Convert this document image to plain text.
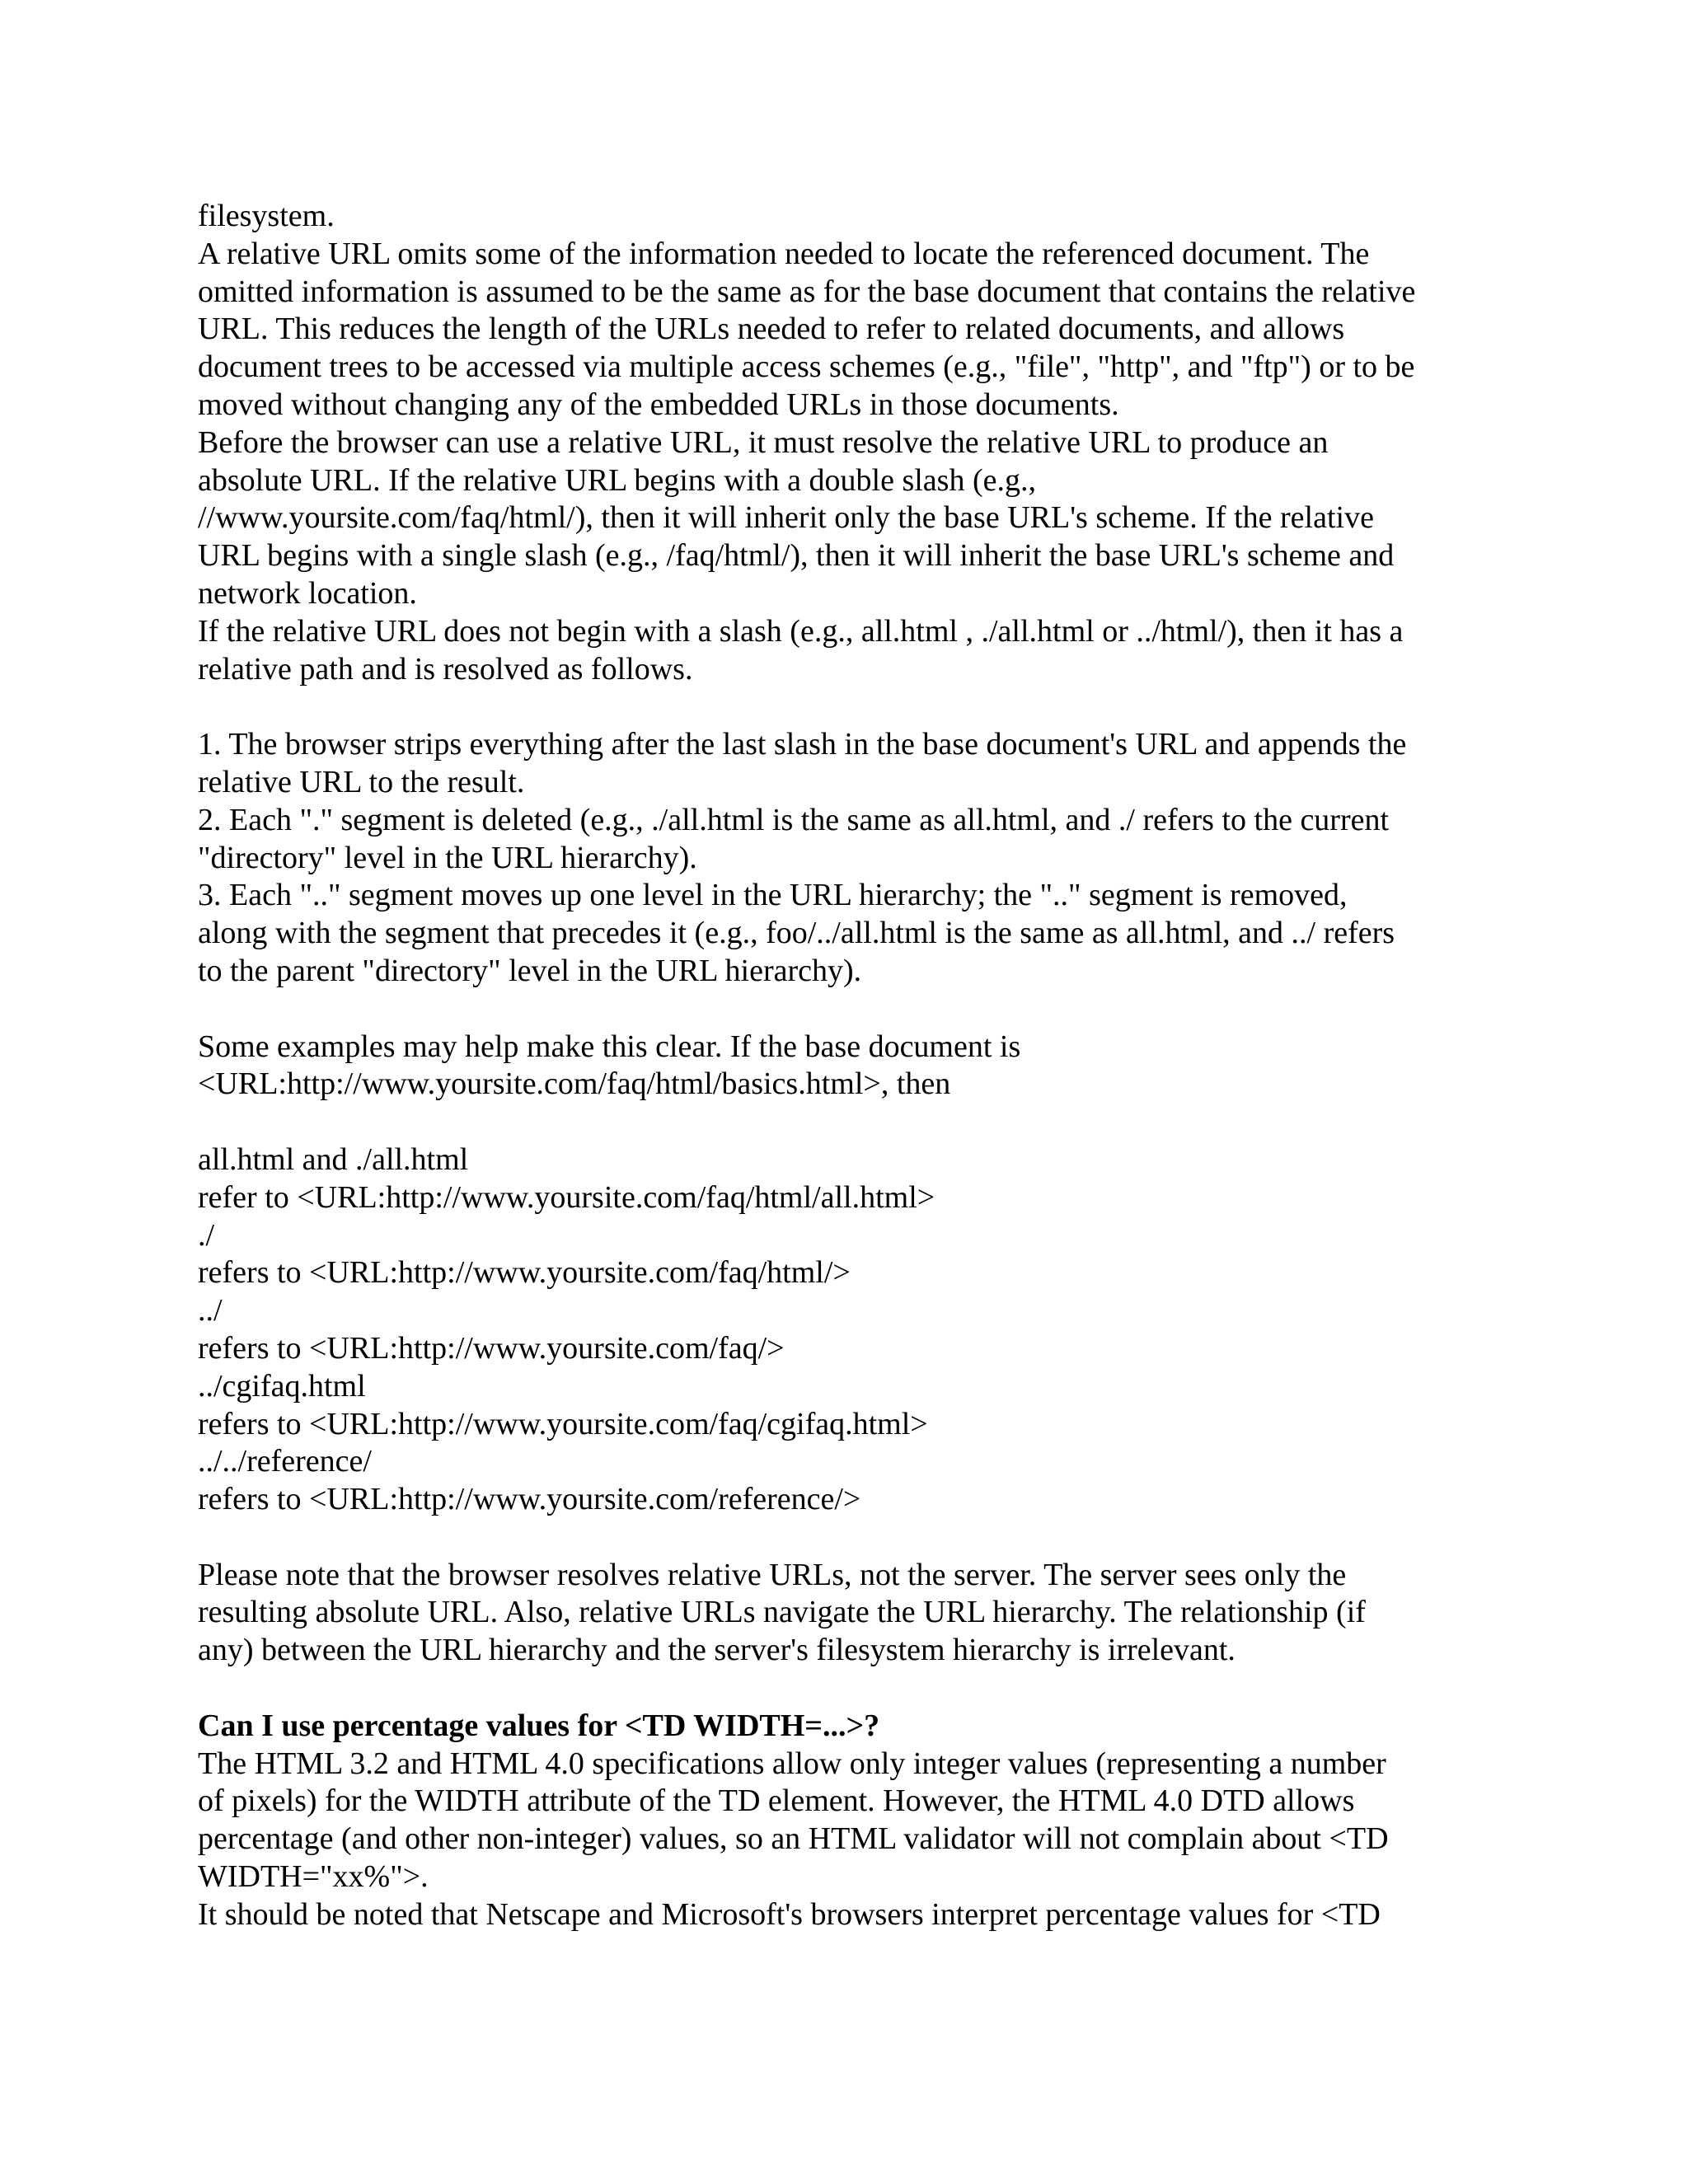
filesystem.
A relative URL omits some of the information needed to locate the referenced document. The
omitted information is assumed to be the same as for the base document that contains the relative
URL. This reduces the length of the URLs needed to refer to related documents, and allows
document trees to be accessed via multiple access schemes (e.g., "file", "http", and "ftp") or to be
moved without changing any of the embedded URLs in those documents.
Before the browser can use a relative URL, it must resolve the relative URL to produce an
absolute URL. If the relative URL begins with a double slash (e.g.,
//www.yoursite.com/faq/html/), then it will inherit only the base URL's scheme. If the relative
URL begins with a single slash (e.g., /faq/html/), then it will inherit the base URL's scheme and
network location.
If the relative URL does not begin with a slash (e.g., all.html , ./all.html or ../html/), then it has a
relative path and is resolved as follows.

1. The browser strips everything after the last slash in the base document's URL and appends the
relative URL to the result.
2. Each "." segment is deleted (e.g., ./all.html is the same as all.html, and ./ refers to the current
"directory" level in the URL hierarchy).
3. Each ".." segment moves up one level in the URL hierarchy; the ".." segment is removed,
along with the segment that precedes it (e.g., foo/../all.html is the same as all.html, and ../ refers
to the parent "directory" level in the URL hierarchy).

Some examples may help make this clear. If the base document is
<URL:http://www.yoursite.com/faq/html/basics.html>, then

all.html and ./all.html
refer to <URL:http://www.yoursite.com/faq/html/all.html>
./
refers to <URL:http://www.yoursite.com/faq/html/>
../
refers to <URL:http://www.yoursite.com/faq/>
../cgifaq.html
refers to <URL:http://www.yoursite.com/faq/cgifaq.html>
../../reference/
refers to <URL:http://www.yoursite.com/reference/>

Please note that the browser resolves relative URLs, not the server. The server sees only the
resulting absolute URL. Also, relative URLs navigate the URL hierarchy. The relationship (if
any) between the URL hierarchy and the server's filesystem hierarchy is irrelevant.

Can I use percentage values for <TD WIDTH=...>?

The HTML 3.2 and HTML 4.0 specifications allow only integer values (representing a number
of pixels) for the WIDTH attribute of the TD element. However, the HTML 4.0 DTD allows
percentage (and other non-integer) values, so an HTML validator will not complain about <TD
WIDTH="xx%">.
It should be noted that Netscape and Microsoft's browsers interpret percentage values for <TD
